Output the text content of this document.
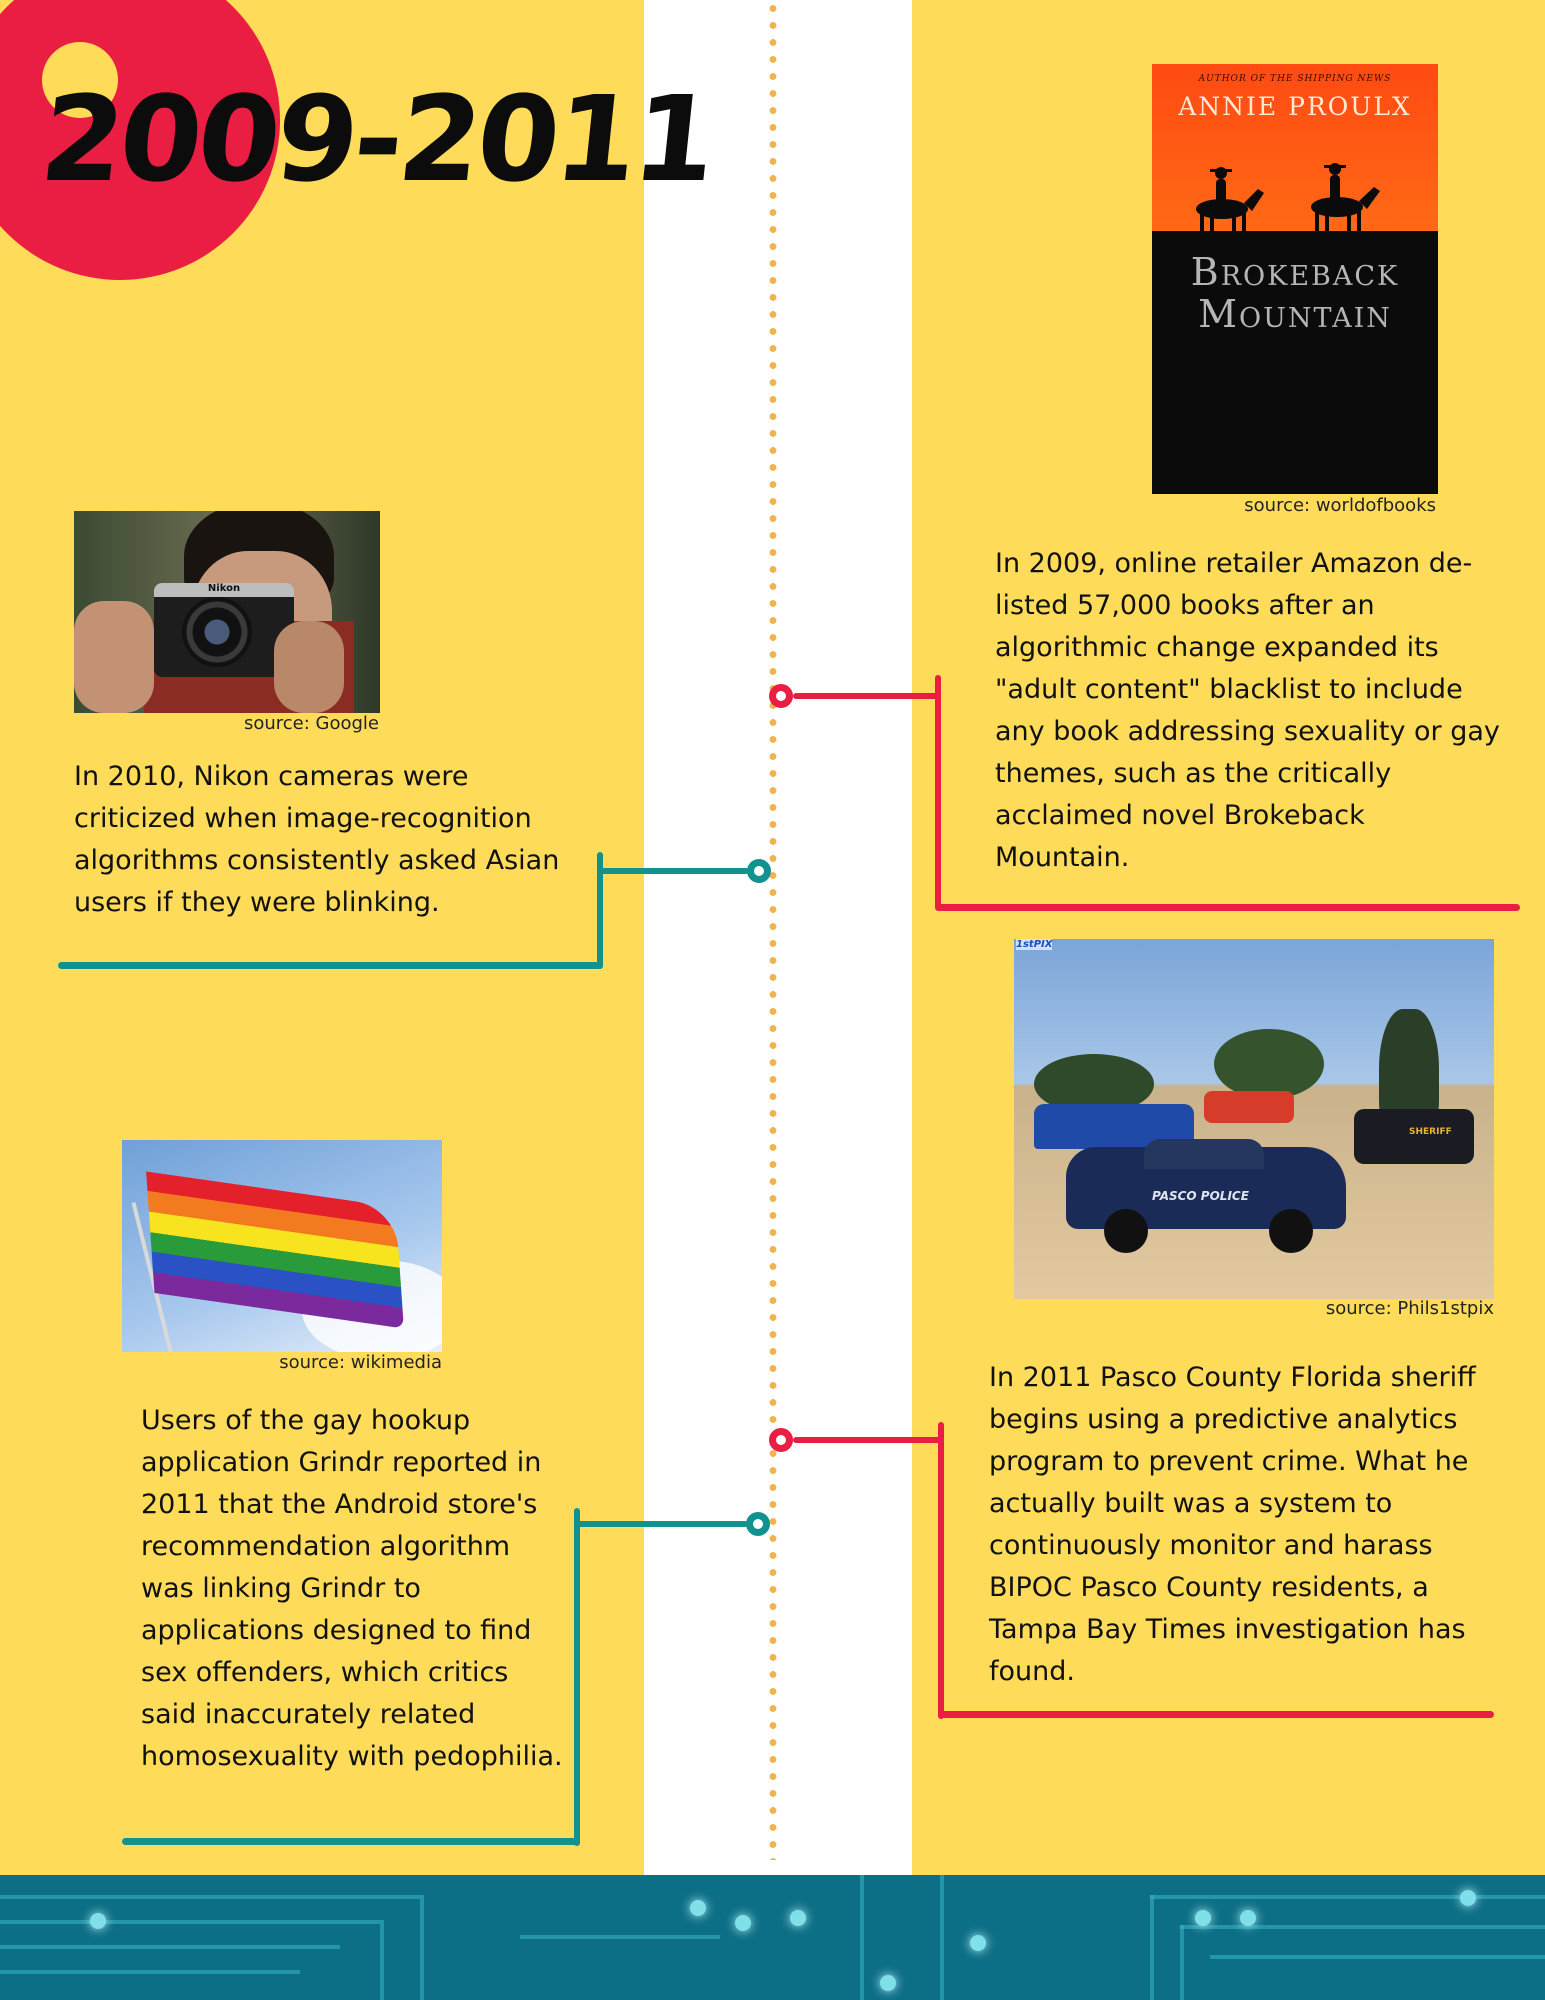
2009-2011	AUTHOR OF THE SHIPPING NEWS
ANNIE PROULX
Brokeback
Mountain
source: worldofbooks
In 2009, online retailer Amazon de-listed 57,000 books after an algorithmic change expanded its "adult content" blacklist to include any book addressing sexuality or gay themes, such as the critically acclaimed novel Brokeback Mountain.
Nikon
source: Google
In 2010, Nikon cameras were criticized when image-recognition algorithms consistently asked Asian users if they were blinking.
1stPIX
SHERIFF
PASCO POLICE
source: Phils1stpix
In 2011 Pasco County Florida sheriff begins using a predictive analytics program to prevent crime. What he actually built was a system to continuously monitor and harass BIPOC Pasco County residents, a Tampa Bay Times investigation has found.
source: wikimedia
Users of the gay hookup application Grindr reported in 2011 that the Android store's recommendation algorithm was linking Grindr to applications designed to find sex offenders, which critics said inaccurately related homosexuality with pedophilia.
